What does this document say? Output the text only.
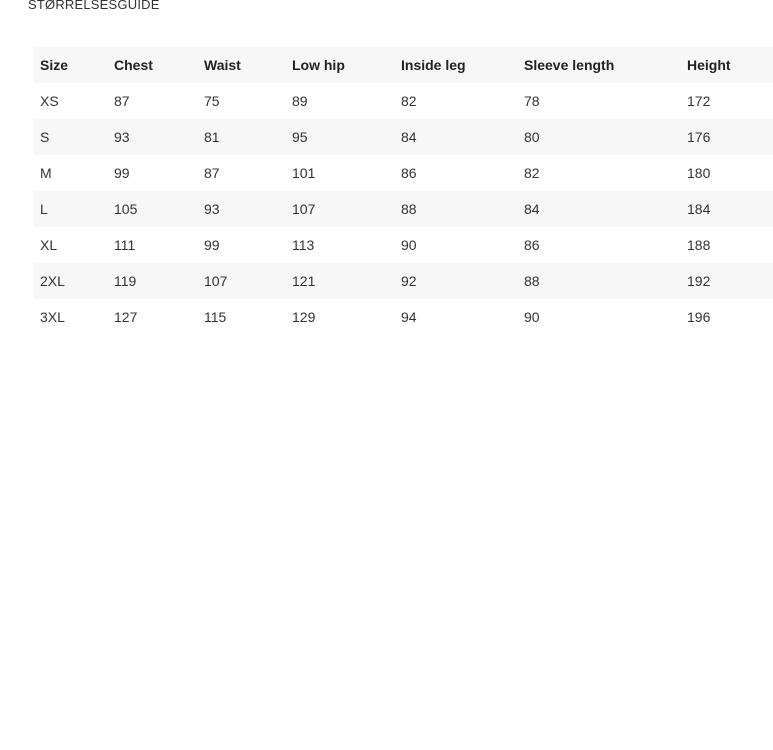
STØRRELSESGUIDE
Size	Chest	Waist	Low hip	Inside leg	Sleeve length	Height
XS	87	75	89	82	78	172
S	93	81	95	84	80	176
M	99	87	101	86	82	180
L	105	93	107	88	84	184
XL	111	99	113	90	86	188
2XL	119	107	121	92	88	192
3XL	127	115	129	94	90	196
